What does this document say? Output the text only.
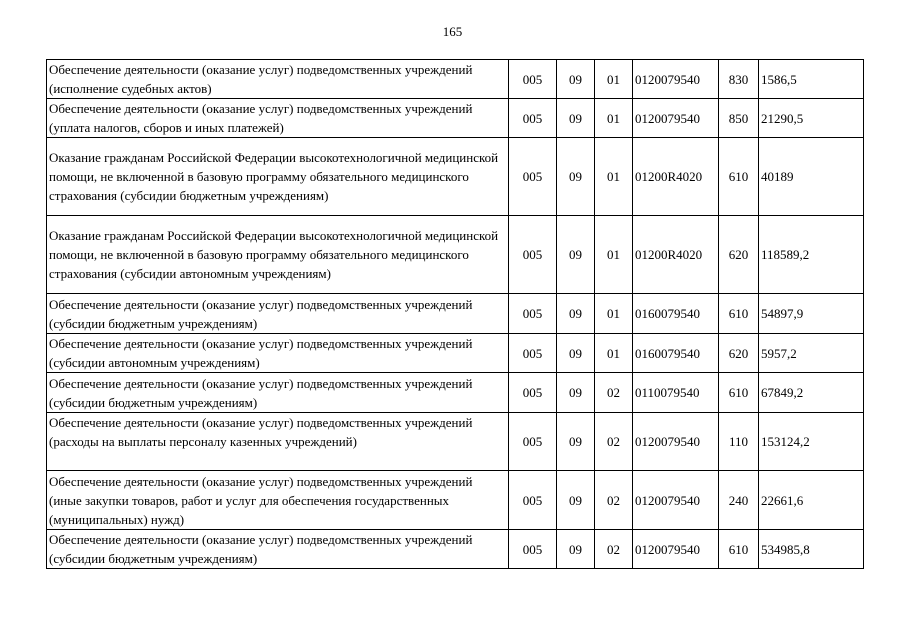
165
Обеспечение деятельности (оказание услуг) подведомственных учреждений (исполнение судебных актов)	005	09	01	0120079540	830	1586,5
Обеспечение деятельности (оказание услуг) подведомственных учреждений (уплата налогов, сборов и иных платежей)	005	09	01	0120079540	850	21290,5
Оказание гражданам Российской Федерации высокотехнологичной медицинской помощи, не включенной в базовую программу обязательного медицинского страхования (субсидии бюджетным учреждениям)	005	09	01	01200R4020	610	40189
Оказание гражданам Российской Федерации высокотехнологичной медицинской помощи, не включенной в базовую программу обязательного медицинского страхования (субсидии автономным учреждениям)	005	09	01	01200R4020	620	118589,2
Обеспечение деятельности (оказание услуг) подведомственных учреждений (субсидии бюджетным учреждениям)	005	09	01	0160079540	610	54897,9
Обеспечение деятельности (оказание услуг) подведомственных учреждений (субсидии автономным учреждениям)	005	09	01	0160079540	620	5957,2
Обеспечение деятельности (оказание услуг) подведомственных учреждений (субсидии бюджетным учреждениям)	005	09	02	0110079540	610	67849,2
Обеспечение деятельности (оказание услуг) подведомственных учреждений (расходы на выплаты персоналу казенных учреждений)	005	09	02	0120079540	110	153124,2
Обеспечение деятельности (оказание услуг) подведомственных учреждений (иные закупки товаров, работ и услуг для обеспечения государственных (муниципальных) нужд)	005	09	02	0120079540	240	22661,6
Обеспечение деятельности (оказание услуг) подведомственных учреждений (субсидии бюджетным учреждениям)	005	09	02	0120079540	610	534985,8
